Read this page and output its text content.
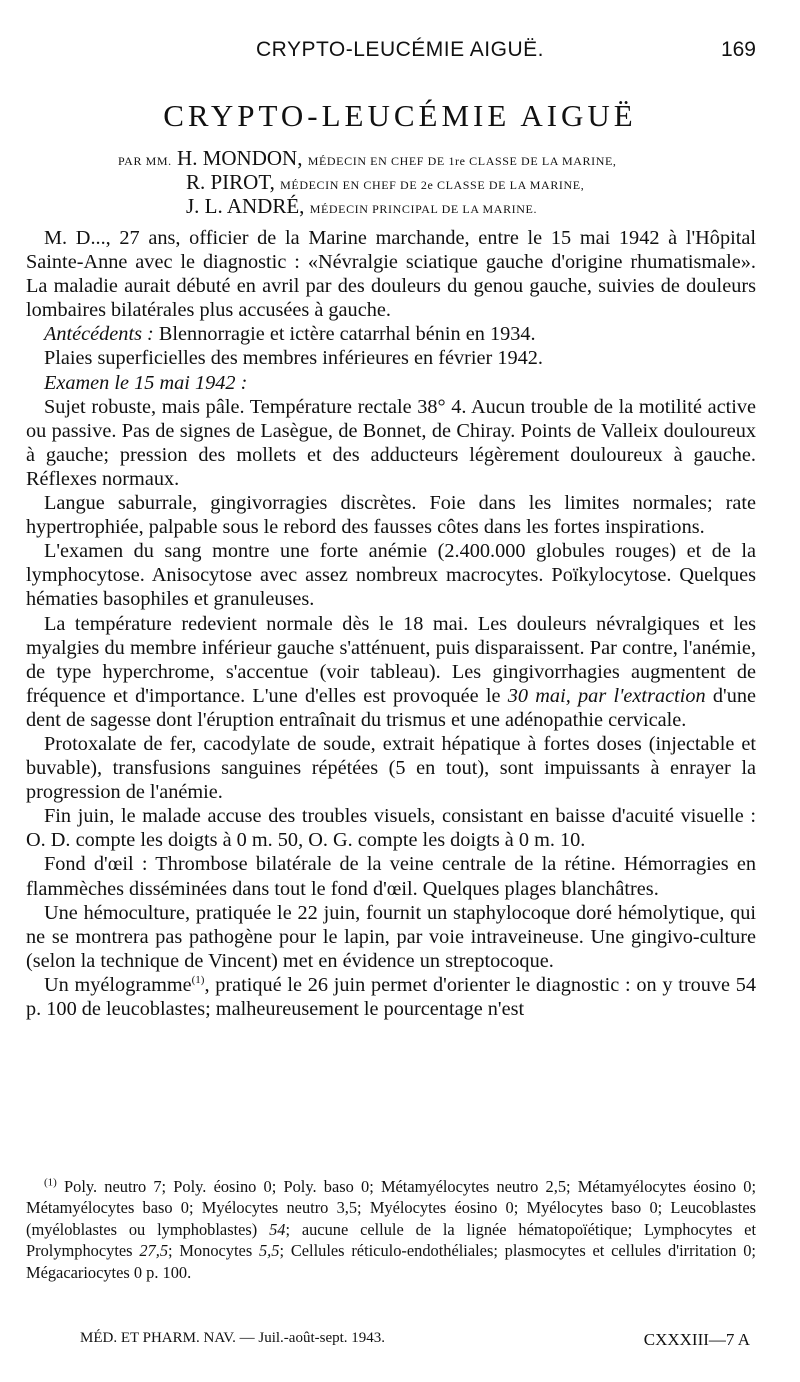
CRYPTO-LEUCÉMIE AIGUË.	169
CRYPTO-LEUCÉMIE AIGUË
PAR MM. H. MONDON, MÉDECIN EN CHEF DE 1re CLASSE DE LA MARINE,
R. PIROT, MÉDECIN EN CHEF DE 2e CLASSE DE LA MARINE,
J. L. ANDRÉ, MÉDECIN PRINCIPAL DE LA MARINE.

M. D..., 27 ans, officier de la Marine marchande, entre le 15 mai 1942 à l'Hôpital Sainte-Anne avec le diagnostic : «Névralgie sciatique gauche d'origine rhumatismale». La maladie aurait débuté en avril par des douleurs du genou gauche, suivies de douleurs lombaires bilatérales plus accusées à gauche.

Antécédents : Blennorragie et ictère catarrhal bénin en 1934.

Plaies superficielles des membres inférieures en février 1942.

Examen le 15 mai 1942 :

Sujet robuste, mais pâle. Température rectale 38° 4. Aucun trouble de la motilité active ou passive. Pas de signes de Lasègue, de Bonnet, de Chiray. Points de Valleix douloureux à gauche; pression des mollets et des adducteurs légèrement douloureux à gauche. Réflexes normaux.

Langue saburrale, gingivorragies discrètes. Foie dans les limites normales; rate hypertrophiée, palpable sous le rebord des fausses côtes dans les fortes inspirations.

L'examen du sang montre une forte anémie (2.400.000 globules rouges) et de la lymphocytose. Anisocytose avec assez nombreux macrocytes. Poïkylocytose. Quelques hématies basophiles et granuleuses.

La température redevient normale dès le 18 mai. Les douleurs névralgiques et les myalgies du membre inférieur gauche s'atténuent, puis disparaissent. Par contre, l'anémie, de type hyperchrome, s'accentue (voir tableau). Les gingivorrhagies augmentent de fréquence et d'importance. L'une d'elles est provoquée le 30 mai, par l'extraction d'une dent de sagesse dont l'éruption entraînait du trismus et une adénopathie cervicale.

Protoxalate de fer, cacodylate de soude, extrait hépatique à fortes doses (injectable et buvable), transfusions sanguines répétées (5 en tout), sont impuissants à enrayer la progression de l'anémie.

Fin juin, le malade accuse des troubles visuels, consistant en baisse d'acuité visuelle : O. D. compte les doigts à 0 m. 50, O. G. compte les doigts à 0 m. 10.

Fond d'œil : Thrombose bilatérale de la veine centrale de la rétine. Hémorragies en flammèches disséminées dans tout le fond d'œil. Quelques plages blanchâtres.

Une hémoculture, pratiquée le 22 juin, fournit un staphylocoque doré hémolytique, qui ne se montrera pas pathogène pour le lapin, par voie intraveineuse. Une gingivo-culture (selon la technique de Vincent) met en évidence un streptocoque.

Un myélogramme$^{(1)}$, pratiqué le 26 juin permet d'orienter le diagnostic : on y trouve 54 p. 100 de leucoblastes; malheureusement le pourcentage n'est

$^{(1)}$ Poly. neutro 7; Poly. éosino 0; Poly. baso 0; Métamyélocytes neutro 2,5; Métamyélocytes éosino 0; Métamyélocytes baso 0; Myélocytes neutro 3,5; Myélocytes éosino 0; Myélocytes baso 0; Leucoblastes (myéloblastes ou lymphoblastes) 54; aucune cellule de la lignée hématopoïétique; Lymphocytes et Prolymphocytes 27,5; Monocytes 5,5; Cellules réticulo-endothéliales; plasmocytes et cellules d'irritation 0; Mégacariocytes 0 p. 100.

MÉD. ET PHARM. NAV. — Juil.-août-sept. 1943.	CXXXIII—7 A
